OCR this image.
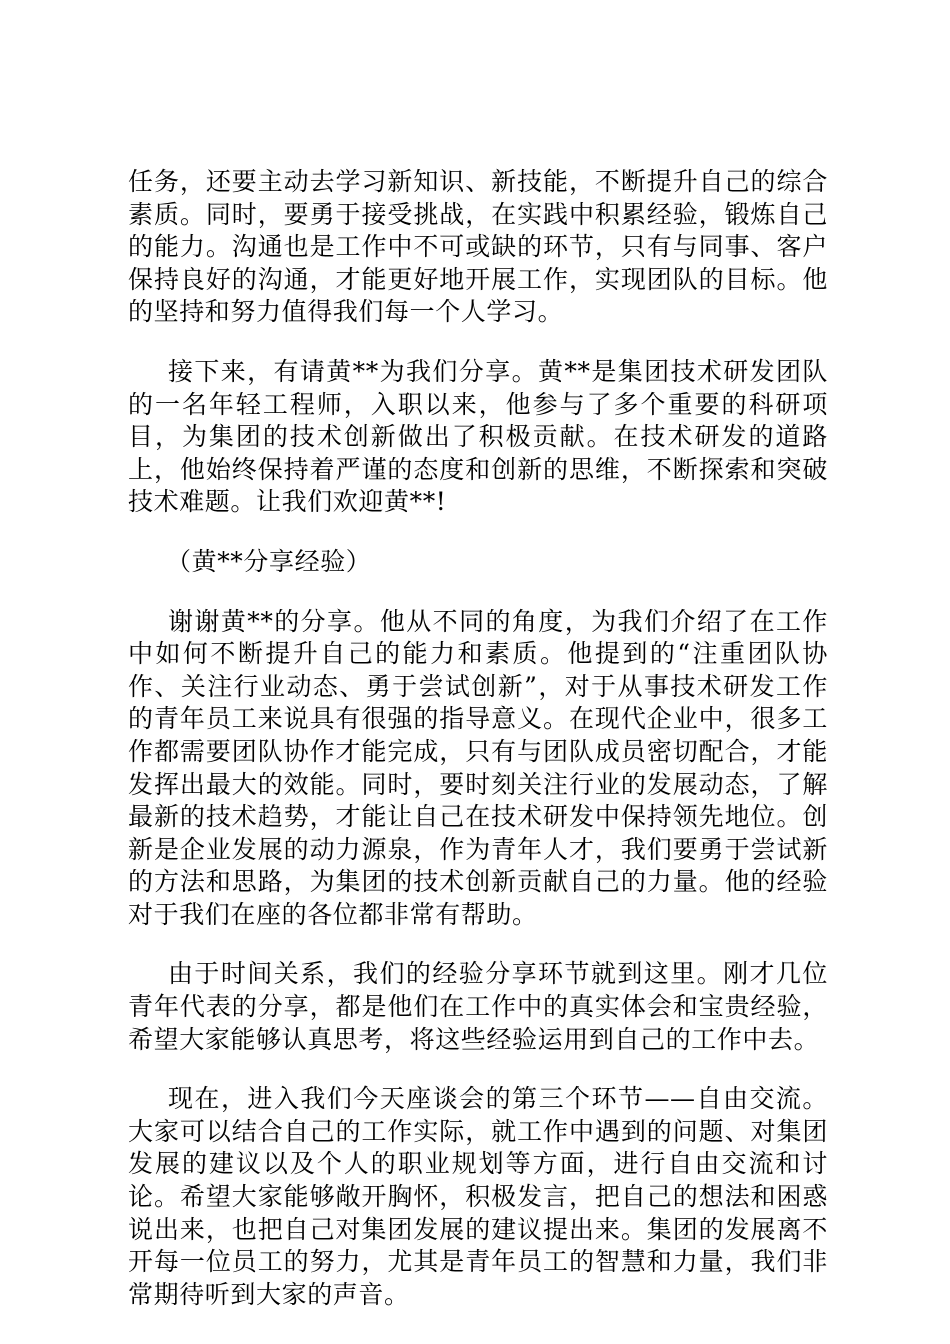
任务，还要主动去学习新知识、新技能，不断提升自己的综合素质。同时，要勇于接受挑战，在实践中积累经验，锻炼自己的能力。沟通也是工作中不可或缺的环节，只有与同事、客户保持良好的沟通，才能更好地开展工作，实现团队的目标。他的坚持和努力值得我们每一个人学习。

接下来，有请黄**为我们分享。黄**是集团技术研发团队的一名年轻工程师，入职以来，他参与了多个重要的科研项目，为集团的技术创新做出了积极贡献。在技术研发的道路上，他始终保持着严谨的态度和创新的思维，不断探索和突破技术难题。让我们欢迎黄**!

（黄**分享经验）

谢谢黄**的分享。他从不同的角度，为我们介绍了在工作中如何不断提升自己的能力和素质。他提到的“注重团队协作、关注行业动态、勇于尝试创新”，对于从事技术研发工作的青年员工来说具有很强的指导意义。在现代企业中，很多工作都需要团队协作才能完成，只有与团队成员密切配合，才能发挥出最大的效能。同时，要时刻关注行业的发展动态，了解最新的技术趋势，才能让自己在技术研发中保持领先地位。创新是企业发展的动力源泉，作为青年人才，我们要勇于尝试新的方法和思路，为集团的技术创新贡献自己的力量。他的经验对于我们在座的各位都非常有帮助。

由于时间关系，我们的经验分享环节就到这里。刚才几位青年代表的分享，都是他们在工作中的真实体会和宝贵经验，希望大家能够认真思考，将这些经验运用到自己的工作中去。

现在，进入我们今天座谈会的第三个环节——自由交流。大家可以结合自己的工作实际，就工作中遇到的问题、对集团发展的建议以及个人的职业规划等方面，进行自由交流和讨论。希望大家能够敞开胸怀，积极发言，把自己的想法和困惑说出来，也把自己对集团发展的建议提出来。集团的发展离不开每一位员工的努力，尤其是青年员工的智慧和力量，我们非常期待听到大家的声音。
